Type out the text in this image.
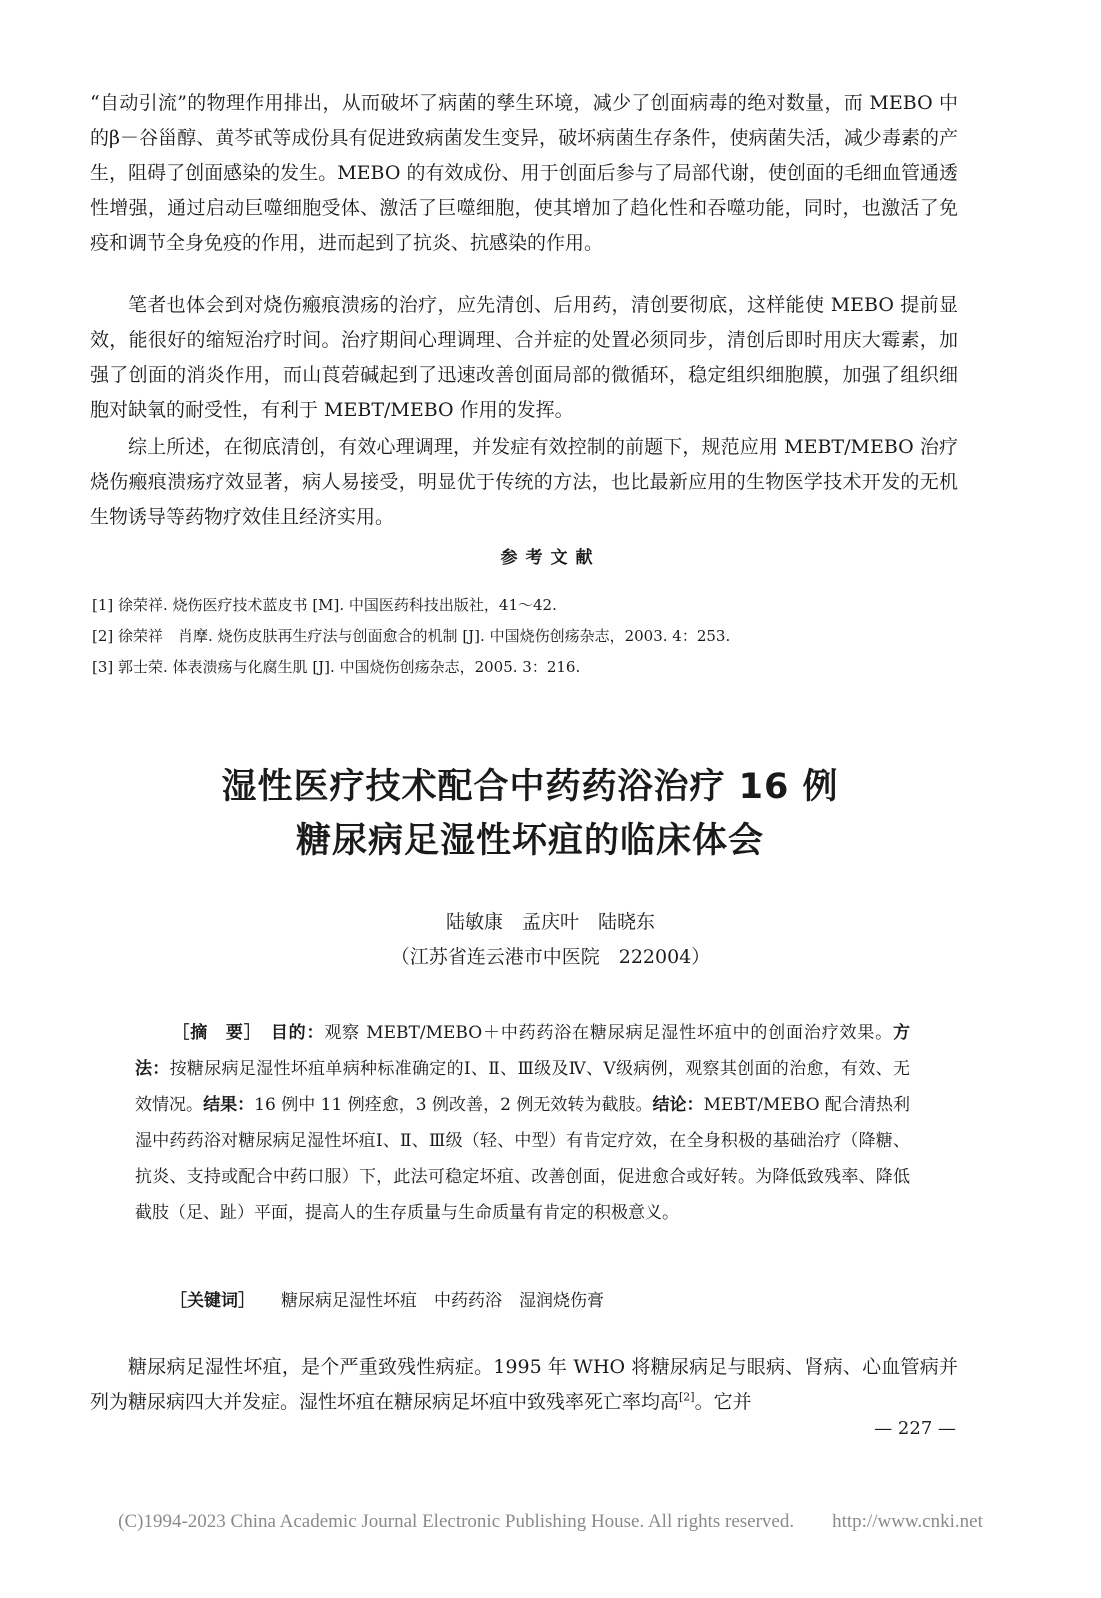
“自动引流”的物理作用排出，从而破坏了病菌的孳生环境，减少了创面病毒的绝对数量，而 MEBO 中的β－谷甾醇、黄芩甙等成份具有促进致病菌发生变异，破坏病菌生存条件，使病菌失活，减少毒素的产生，阻碍了创面感染的发生。MEBO 的有效成份、用于创面后参与了局部代谢，使创面的毛细血管通透性增强，通过启动巨噬细胞受体、激活了巨噬细胞，使其增加了趋化性和吞噬功能，同时，也激活了免疫和调节全身免疫的作用，进而起到了抗炎、抗感染的作用。

笔者也体会到对烧伤瘢痕溃疡的治疗，应先清创、后用药，清创要彻底，这样能使 MEBO 提前显效，能很好的缩短治疗时间。治疗期间心理调理、合并症的处置必须同步，清创后即时用庆大霉素，加强了创面的消炎作用，而山莨菪碱起到了迅速改善创面局部的微循环，稳定组织细胞膜，加强了组织细胞对缺氧的耐受性，有利于 MEBT/MEBO 作用的发挥。

综上所述，在彻底清创，有效心理调理，并发症有效控制的前题下，规范应用 MEBT/MEBO 治疗烧伤瘢痕溃疡疗效显著，病人易接受，明显优于传统的方法，也比最新应用的生物医学技术开发的无机生物诱导等药物疗效佳且经济实用。

参考文献
[1] 徐荣祥. 烧伤医疗技术蓝皮书 [M]. 中国医药科技出版社，41～42.
[2] 徐荣祥　肖摩. 烧伤皮肤再生疗法与创面愈合的机制 [J]. 中国烧伤创疡杂志，2003. 4：253.
[3] 郭士荣. 体表溃疡与化腐生肌 [J]. 中国烧伤创疡杂志，2005. 3：216.
湿性医疗技术配合中药药浴治疗 16 例
糖尿病足湿性坏疽的临床体会

陆敏康　孟庆叶　陆晓东

（江苏省连云港市中医院　222004）

［摘　要］　 目的：观察 MEBT/MEBO＋中药药浴在糖尿病足湿性坏疽中的创面治疗效果。方法：按糖尿病足湿性坏疽单病种标准确定的Ⅰ、Ⅱ、Ⅲ级及Ⅳ、Ⅴ级病例，观察其创面的治愈，有效、无效情况。结果：16 例中 11 例痊愈，3 例改善，2 例无效转为截肢。结论：MEBT/MEBO 配合清热利湿中药药浴对糖尿病足湿性坏疽Ⅰ、Ⅱ、Ⅲ级（轻、中型）有肯定疗效，在全身积极的基础治疗（降糖、抗炎、支持或配合中药口服）下，此法可稳定坏疽、改善创面，促进愈合或好转。为降低致残率、降低截肢（足、趾）平面，提高人的生存质量与生命质量有肯定的积极意义。

［关键词］ 糖尿病足湿性坏疽　中药药浴　湿润烧伤膏

糖尿病足湿性坏疽，是个严重致残性病症。1995 年 WHO 将糖尿病足与眼病、肾病、心血管病并列为糖尿病四大并发症。湿性坏疽在糖尿病足坏疽中致残率死亡率均高[2]。它并

— 227 —

(C)1994-2023 China Academic Journal Electronic Publishing House. All rights reserved.　　http://www.cnki.net
